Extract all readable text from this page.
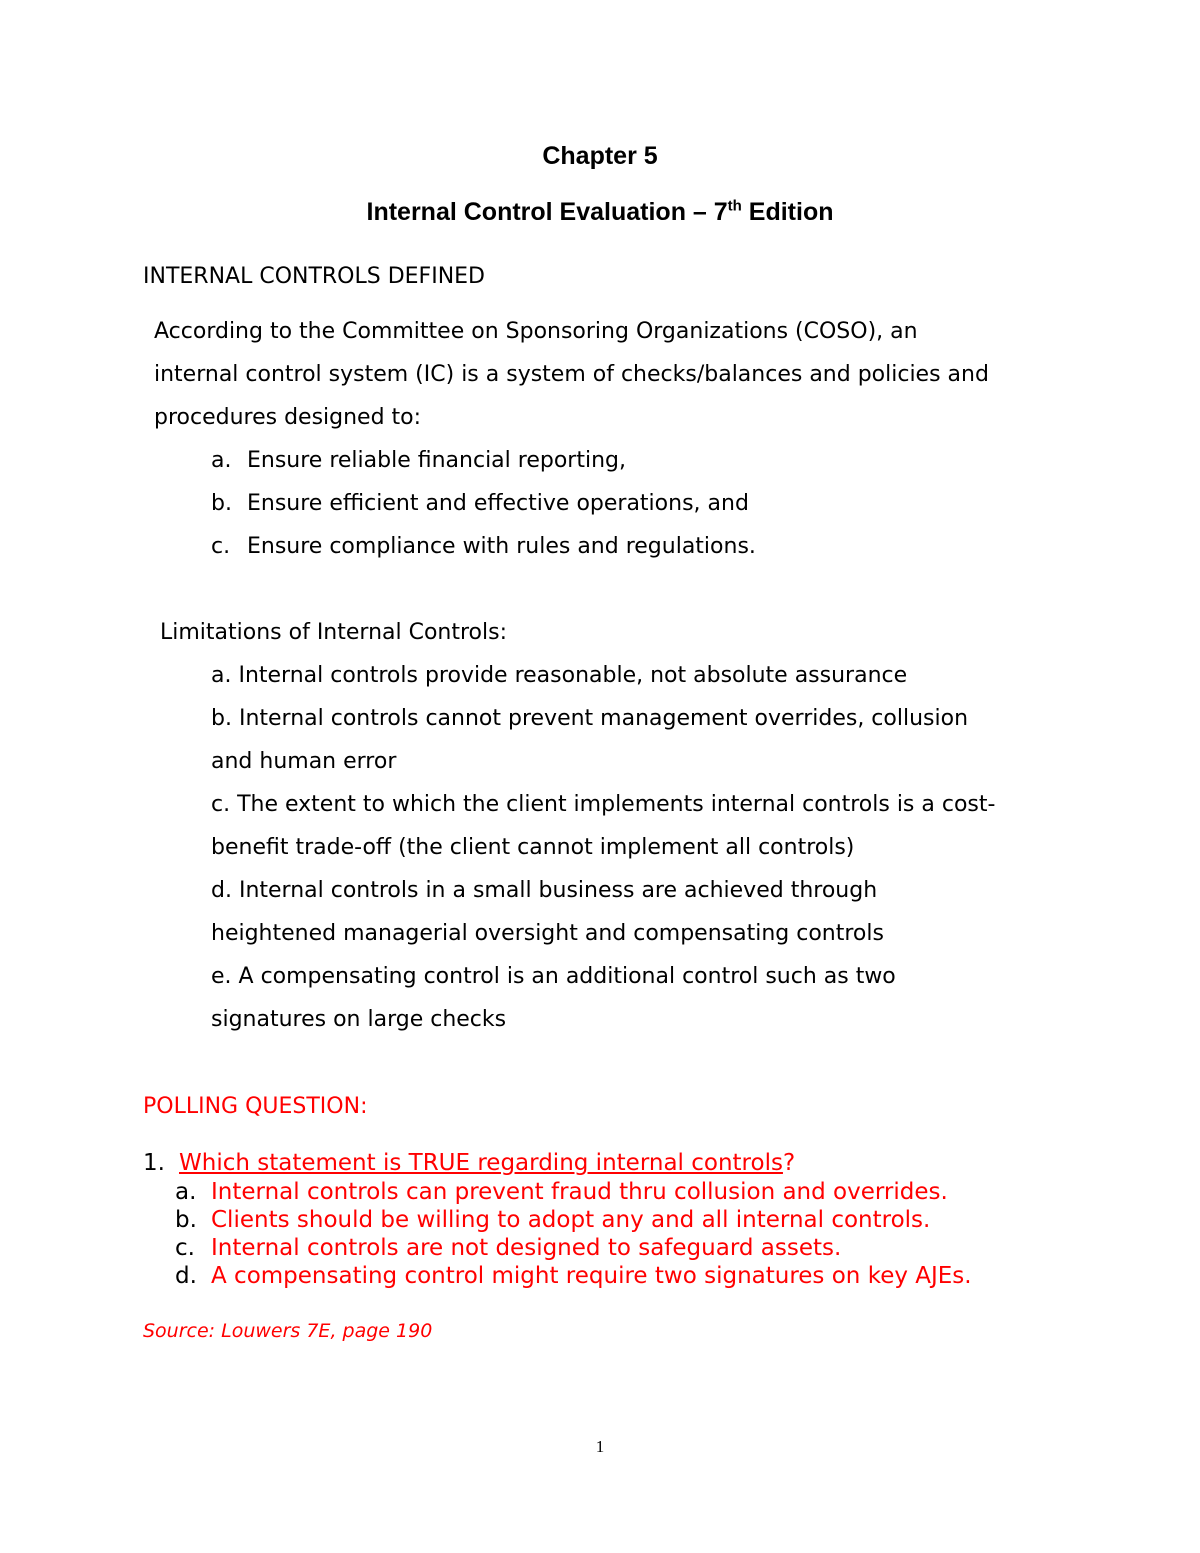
Chapter 5
Internal Control Evaluation – 7th Edition
INTERNAL CONTROLS DEFINED
According to the Committee on Sponsoring Organizations (COSO), an
internal control system (IC) is a system of checks/balances and policies and
procedures designed to:
a. Ensure reliable financial reporting,
b. Ensure efficient and effective operations, and
c. Ensure compliance with rules and regulations.
Limitations of Internal Controls:
a. Internal controls provide reasonable, not absolute assurance
b. Internal controls cannot prevent management overrides, collusion
and human error
c. The extent to which the client implements internal controls is a cost-
benefit trade-off (the client cannot implement all controls)
d. Internal controls in a small business are achieved through
heightened managerial oversight and compensating controls
e. A compensating control is an additional control such as two
signatures on large checks
POLLING QUESTION:
1. Which statement is TRUE regarding internal controls?
a. Internal controls can prevent fraud thru collusion and overrides.
b. Clients should be willing to adopt any and all internal controls.
c. Internal controls are not designed to safeguard assets.
d. A compensating control might require two signatures on key AJEs.
Source: Louwers 7E, page 190
1
